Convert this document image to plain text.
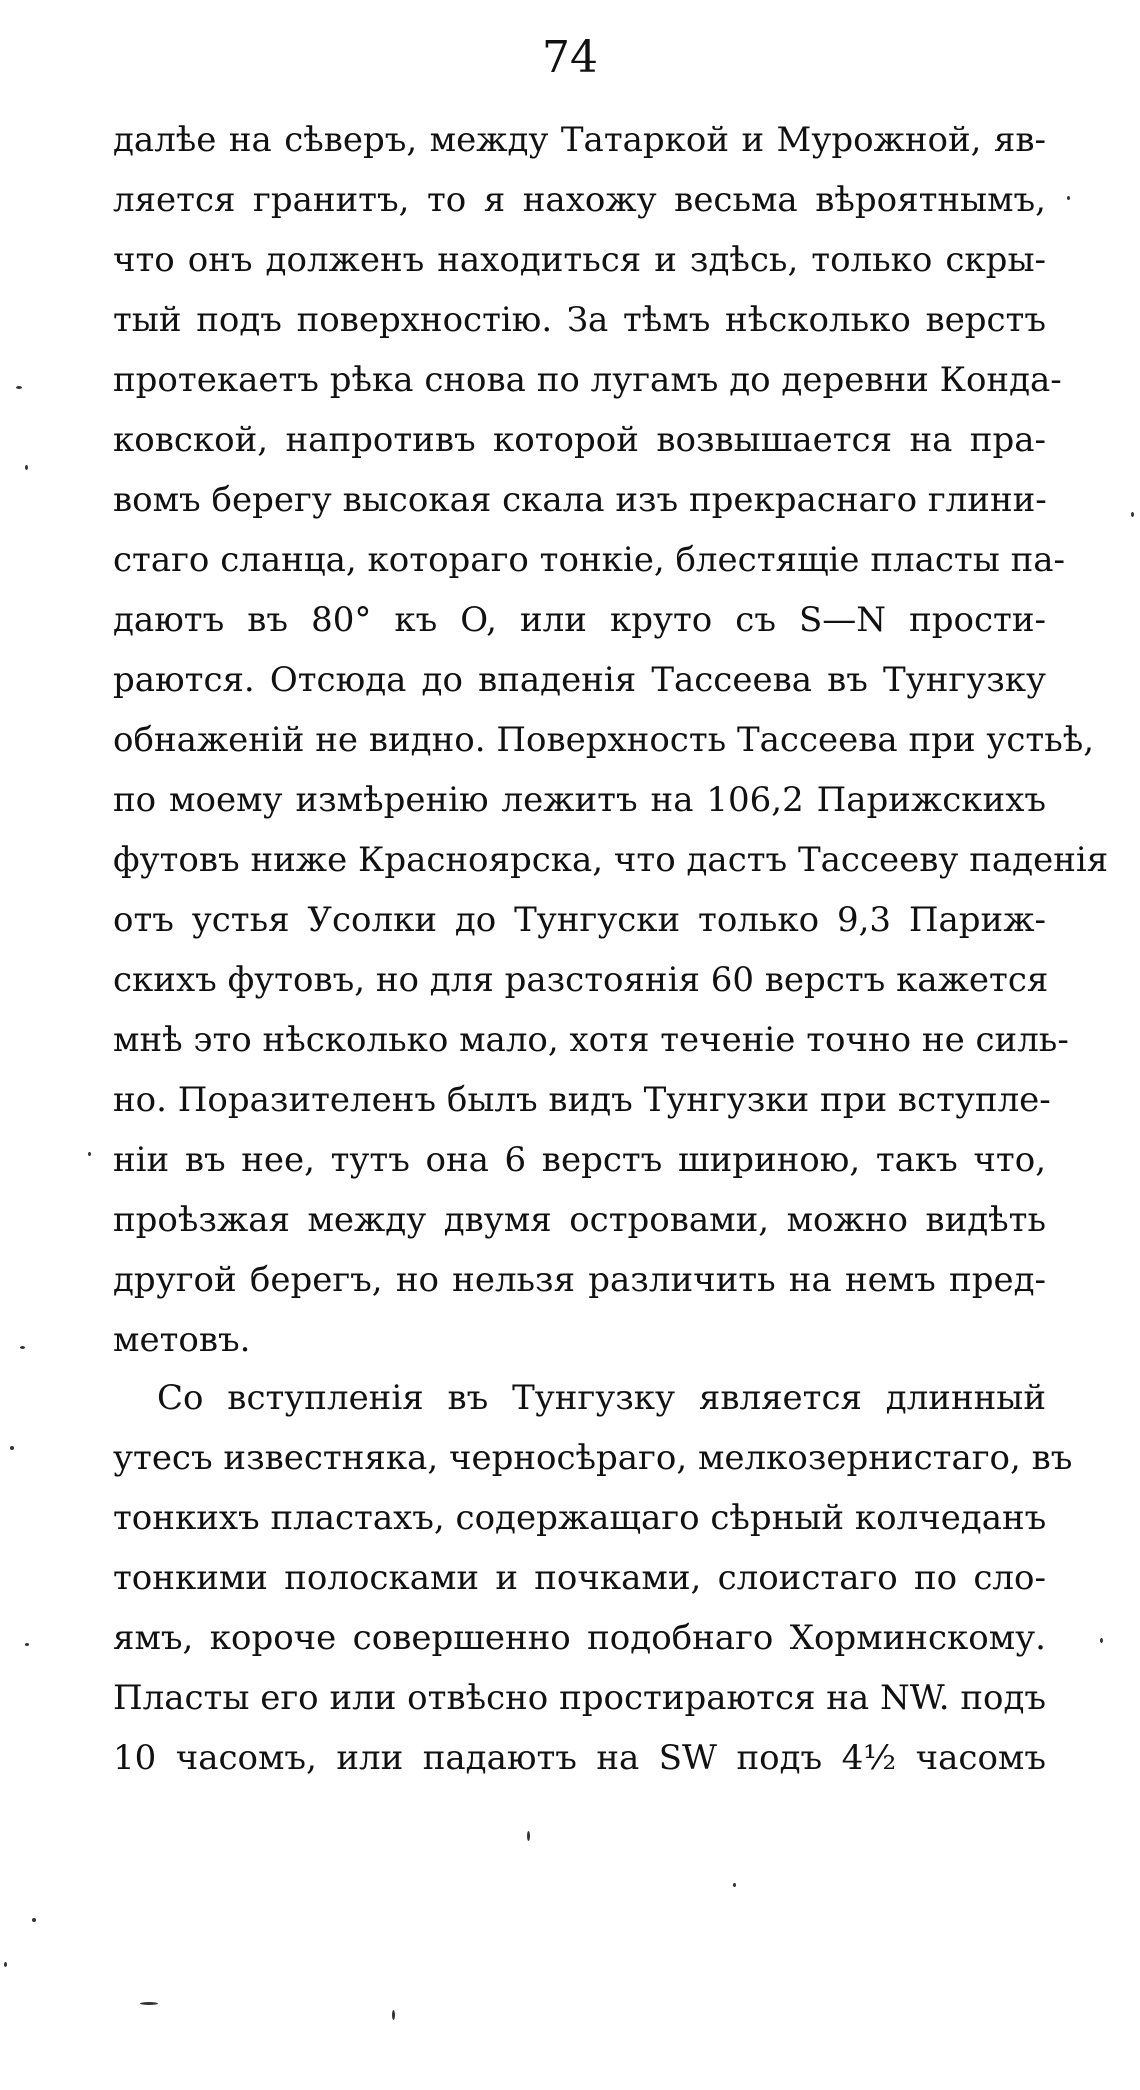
74
далѣе на сѣверъ, между Татаркой и Мурожной, яв-
ляется гранитъ, то я нахожу весьма вѣроятнымъ,
что онъ долженъ находиться и здѣсь, только скры-
тый подъ поверхностію. За тѣмъ нѣсколько верстъ
протекаетъ рѣка снова по лугамъ до деревни Конда-
ковской, напротивъ которой возвышается на пра-
вомъ берегу высокая скала изъ прекраснаго глини-
стаго сланца, котораго тонкіе, блестящіе пласты па-
даютъ въ 80° къ O, или круто съ S—N прости-
раются. Отсюда до впаденія Тассеева въ Тунгузку
обнаженій не видно. Поверхность Тассеева при устьѣ,
по моему измѣренію лежитъ на 106,2 Парижскихъ
футовъ ниже Красноярска, что дастъ Тассееву паденія
отъ устья Усолки до Тунгуски только 9,3 Париж-
скихъ футовъ, но для разстоянія 60 верстъ кажется
мнѣ это нѣсколько мало, хотя теченіе точно не силь-
но. Поразителенъ былъ видъ Тунгузки при вступле-
ніи въ нее, тутъ она 6 верстъ шириною, такъ что,
проѣзжая между двумя островами, можно видѣть
другой берегъ, но нельзя различить на немъ пред-
метовъ.
Со вступленія въ Тунгузку является длинный
утесъ известняка, черносѣраго, мелкозернистаго, въ
тонкихъ пластахъ, содержащаго сѣрный колчеданъ
тонкими полосками и почками, слоистаго по сло-
ямъ, короче совершенно подобнаго Хорминскому.
Пласты его или отвѣсно простираются на NW. подъ
10 часомъ, или падаютъ на SW подъ 4½ часомъ
